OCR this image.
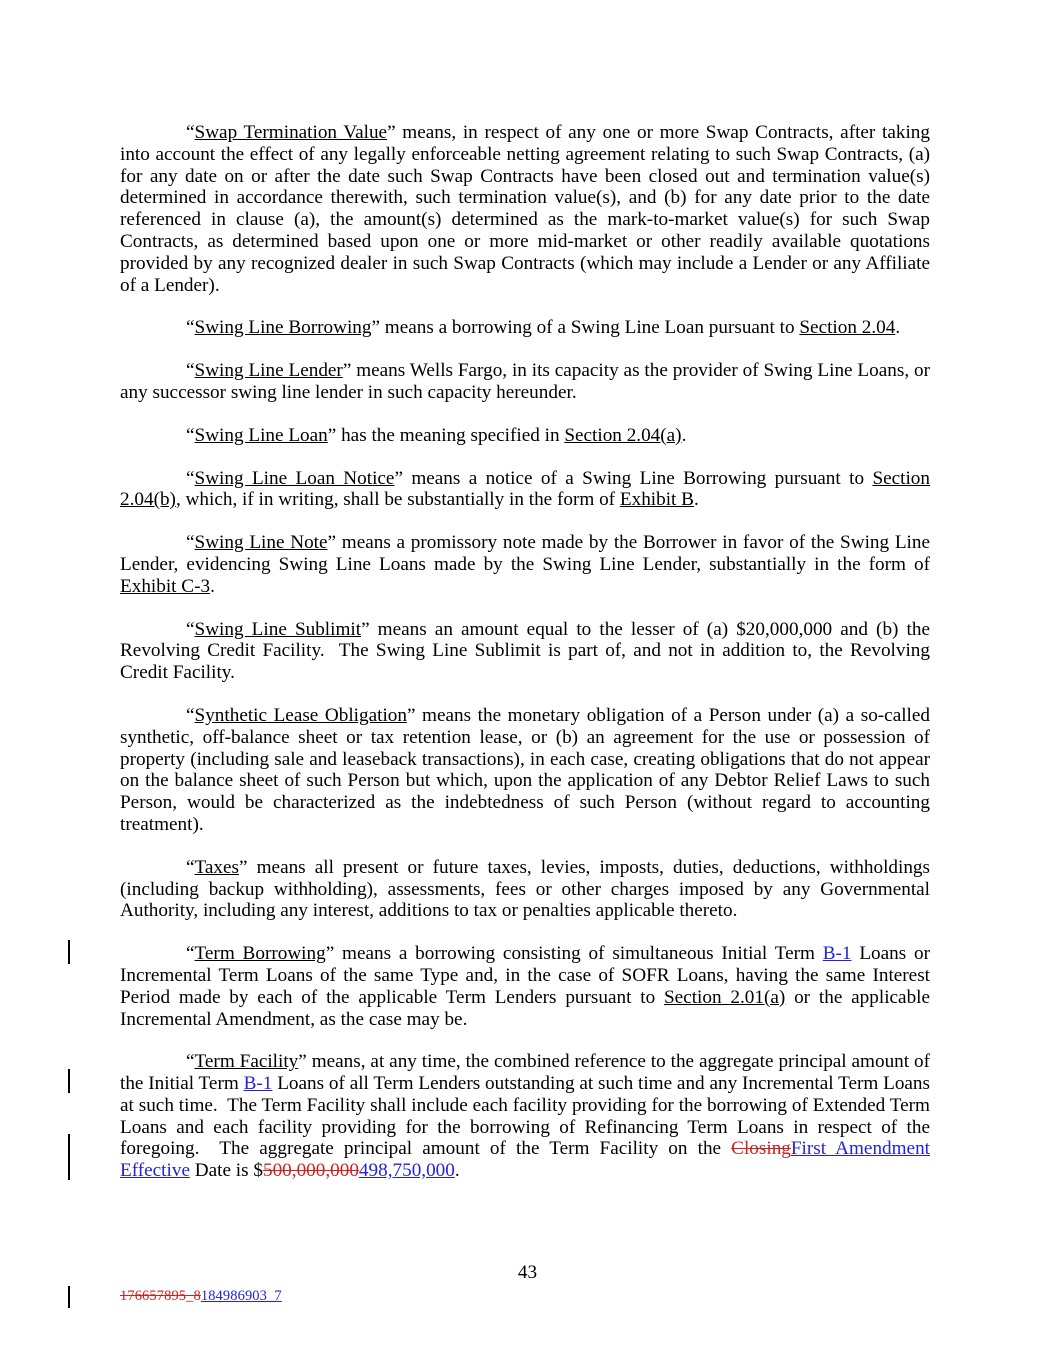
“Swap Termination Value” means, in respect of any one or more Swap Contracts, after taking into account the effect of any legally enforceable netting agreement relating to such Swap Contracts, (a) for any date on or after the date such Swap Contracts have been closed out and termination value(s) determined in accordance therewith, such termination value(s), and (b) for any date prior to the date referenced in clause (a), the amount(s) determined as the mark-to-market value(s) for such Swap Contracts, as determined based upon one or more mid-market or other readily available quotations provided by any recognized dealer in such Swap Contracts (which may include a Lender or any Affiliate of a Lender).

“Swing Line Borrowing” means a borrowing of a Swing Line Loan pursuant to Section 2.04.

“Swing Line Lender” means Wells Fargo, in its capacity as the provider of Swing Line Loans, or any successor swing line lender in such capacity hereunder.

“Swing Line Loan” has the meaning specified in Section 2.04(a).

“Swing Line Loan Notice” means a notice of a Swing Line Borrowing pursuant to Section 2.04(b), which, if in writing, shall be substantially in the form of Exhibit B.

“Swing Line Note” means a promissory note made by the Borrower in favor of the Swing Line Lender, evidencing Swing Line Loans made by the Swing Line Lender, substantially in the form of Exhibit C-3.

“Swing Line Sublimit” means an amount equal to the lesser of (a) $20,000,000 and (b) the Revolving Credit Facility.  The Swing Line Sublimit is part of, and not in addition to, the Revolving Credit Facility.

“Synthetic Lease Obligation” means the monetary obligation of a Person under (a) a so-called synthetic, off-balance sheet or tax retention lease, or (b) an agreement for the use or possession of property (including sale and leaseback transactions), in each case, creating obligations that do not appear on the balance sheet of such Person but which, upon the application of any Debtor Relief Laws to such Person, would be characterized as the indebtedness of such Person (without regard to accounting treatment).

“Taxes” means all present or future taxes, levies, imposts, duties, deductions, withholdings (including backup withholding), assessments, fees or other charges imposed by any Governmental Authority, including any interest, additions to tax or penalties applicable thereto.

“Term Borrowing” means a borrowing consisting of simultaneous Initial Term B-1 Loans or Incremental Term Loans of the same Type and, in the case of SOFR Loans, having the same Interest Period made by each of the applicable Term Lenders pursuant to Section 2.01(a) or the applicable Incremental Amendment, as the case may be.

“Term Facility” means, at any time, the combined reference to the aggregate principal amount of the Initial Term B-1 Loans of all Term Lenders outstanding at such time and any Incremental Term Loans at such time.  The Term Facility shall include each facility providing for the borrowing of Extended Term Loans and each facility providing for the borrowing of Refinancing Term Loans in respect of the foregoing.  The aggregate principal amount of the Term Facility on the ClosingFirst Amendment Effective Date is $500,000,000498,750,000.

43
176657895_8184986903_7
